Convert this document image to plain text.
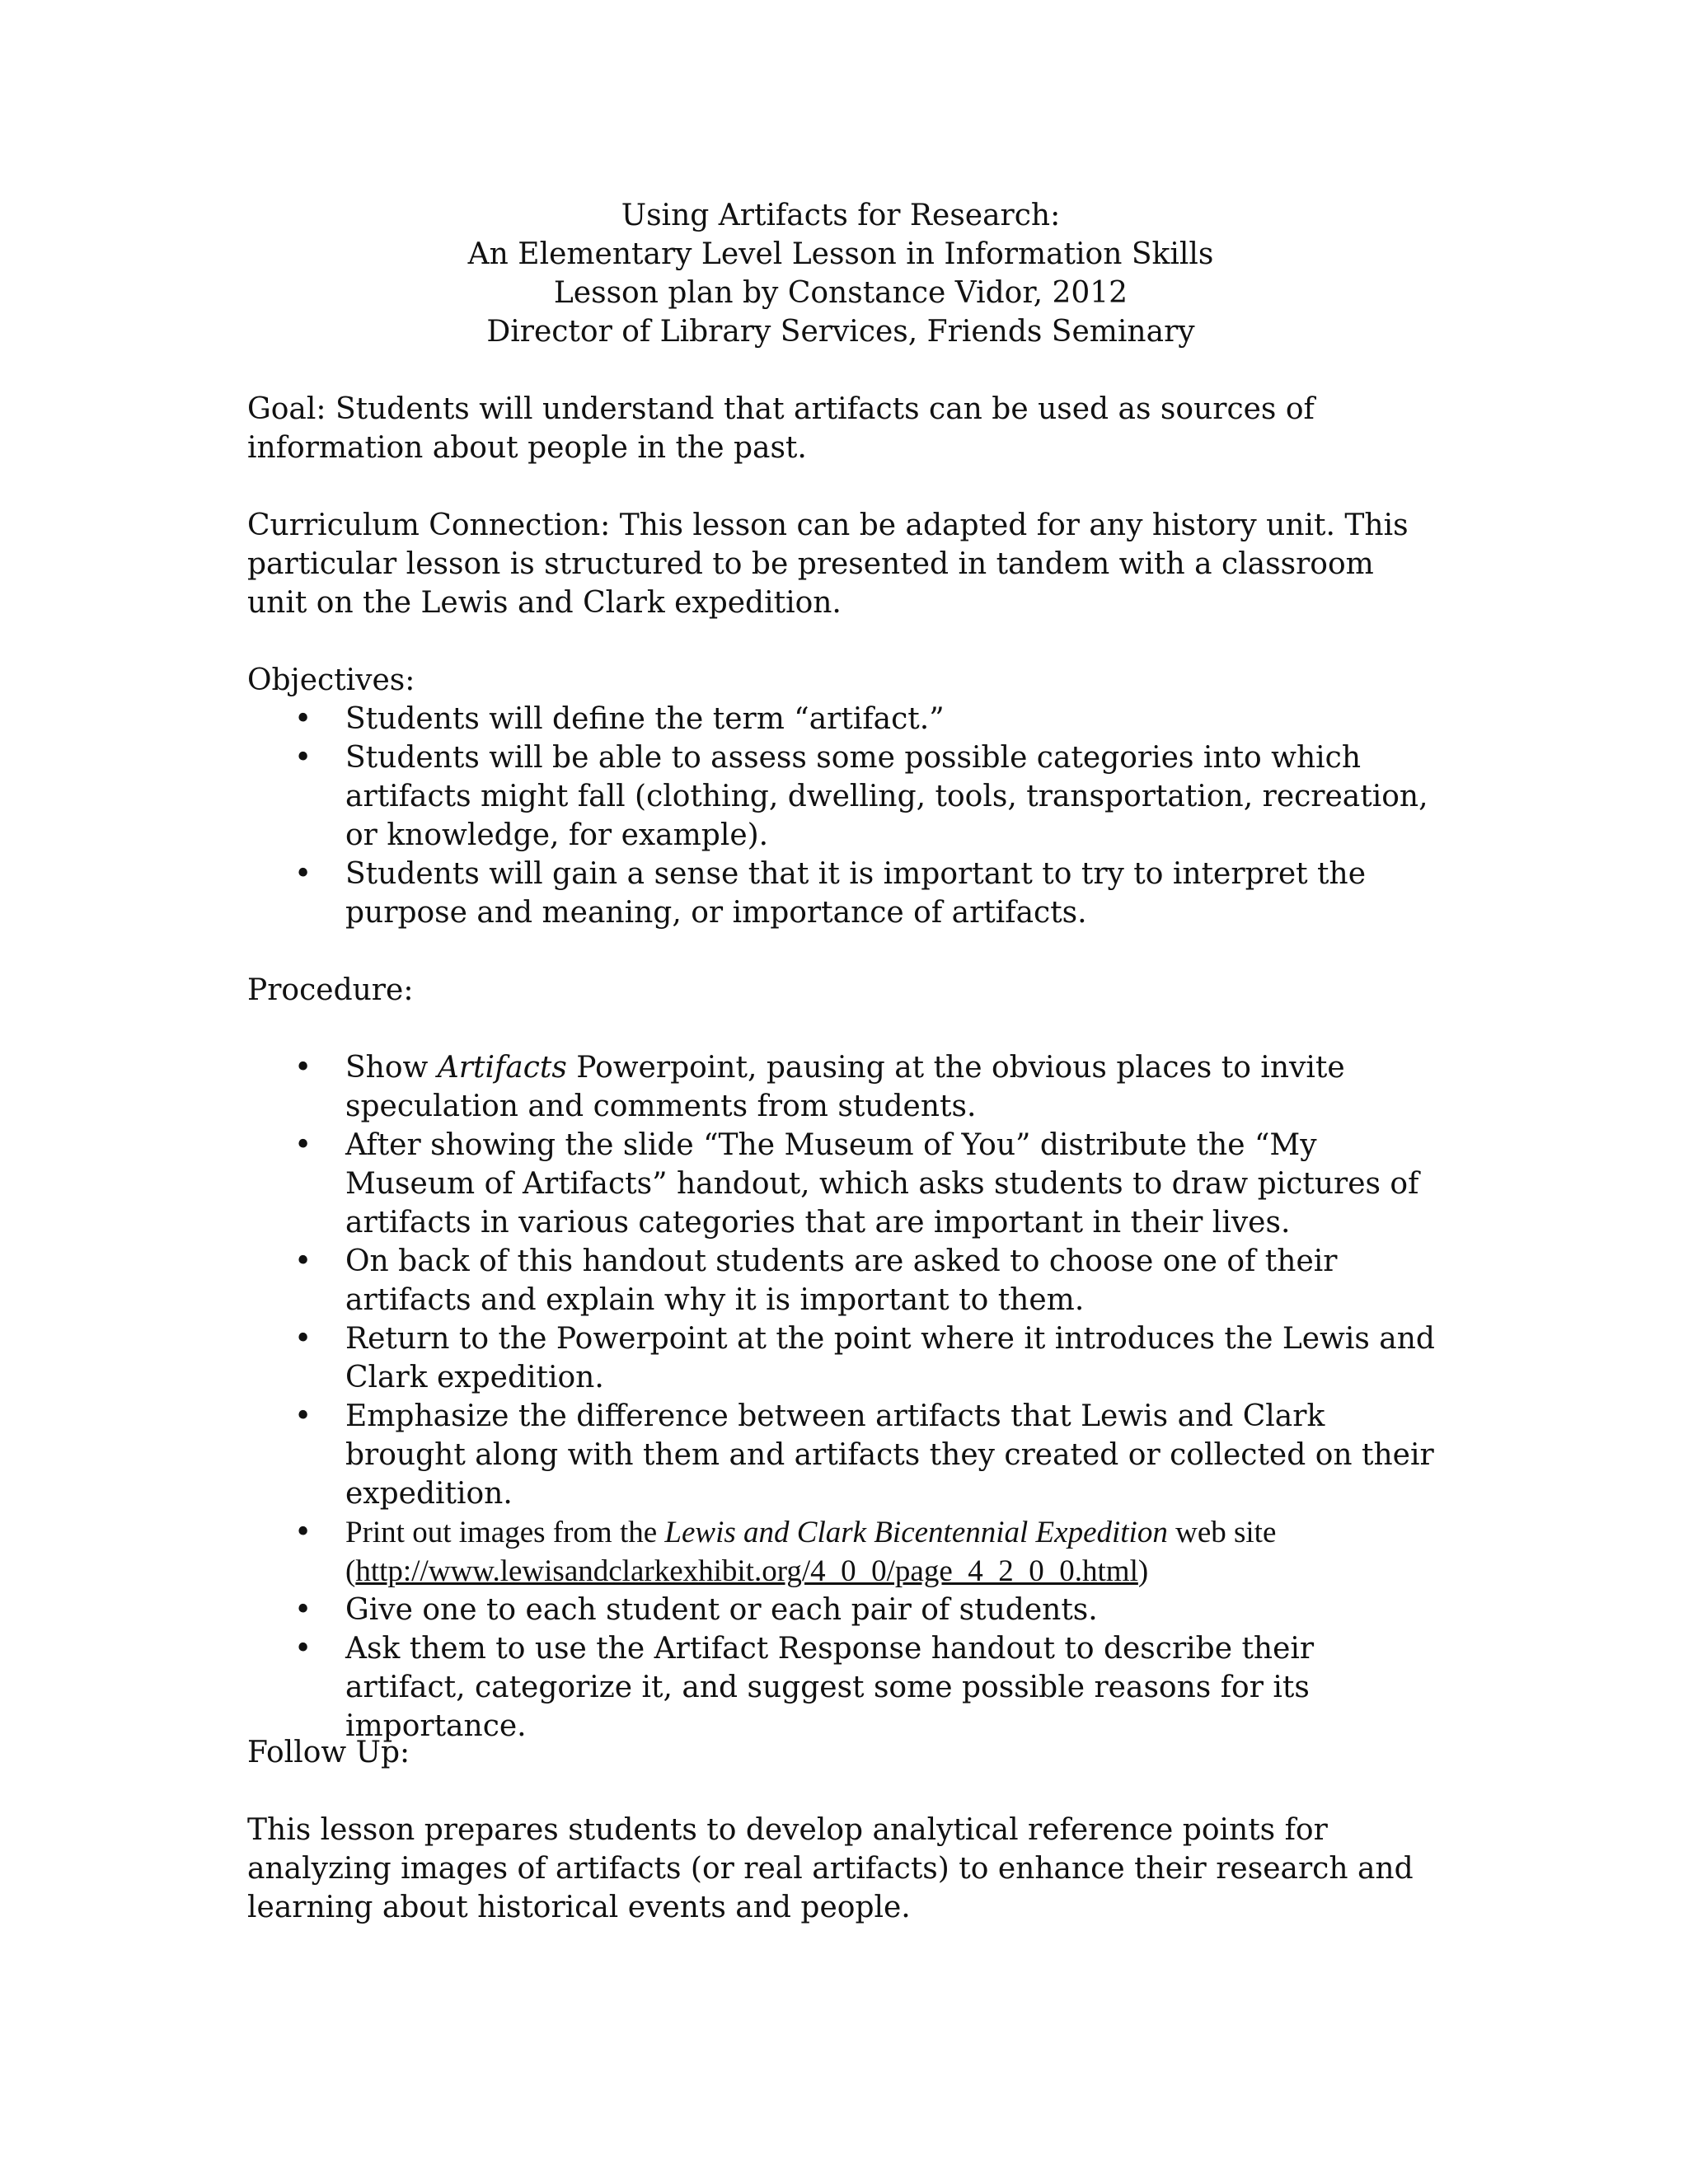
Using Artifacts for Research:
An Elementary Level Lesson in Information Skills
Lesson plan by Constance Vidor, 2012
Director of Library Services, Friends Seminary
Goal: Students will understand that artifacts can be used as sources of information about people in the past.
Curriculum Connection: This lesson can be adapted for any history unit. This particular lesson is structured to be presented in tandem with a classroom unit on the Lewis and Clark expedition.
Objectives:
• Students will define the term “artifact.”
• Students will be able to assess some possible categories into which artifacts might fall (clothing, dwelling, tools, transportation, recreation, or knowledge, for example).
• Students will gain a sense that it is important to try to interpret the purpose and meaning, or importance of artifacts.
Procedure:
• Show Artifacts Powerpoint, pausing at the obvious places to invite speculation and comments from students.
• After showing the slide “The Museum of You” distribute the “My Museum of Artifacts” handout, which asks students to draw pictures of artifacts in various categories that are important in their lives.
• On back of this handout students are asked to choose one of their artifacts and explain why it is important to them.
• Return to the Powerpoint at the point where it introduces the Lewis and Clark expedition.
• Emphasize the difference between artifacts that Lewis and Clark brought along with them and artifacts they created or collected on their expedition.
• Print out images from the Lewis and Clark Bicentennial Expedition web site
(http://www.lewisandclarkexhibit.org/4_0_0/page_4_2_0_0.html)
• Give one to each student or each pair of students.
• Ask them to use the Artifact Response handout to describe their artifact, categorize it, and suggest some possible reasons for its importance.
Follow Up:
This lesson prepares students to develop analytical reference points for analyzing images of artifacts (or real artifacts) to enhance their research and learning about historical events and people.
